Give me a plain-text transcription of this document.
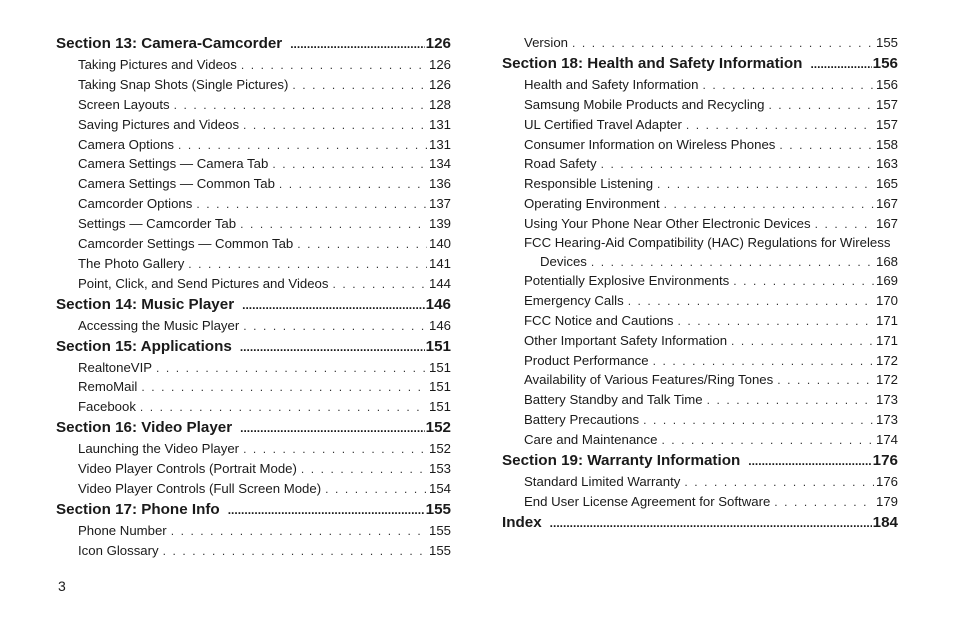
Section 13: Camera-Camcorder .....	126
Taking Pictures and Videos . . .	126
Taking Snap Shots (Single Pictures) . . .	126
Screen Layouts . . .	128
Saving Pictures and Videos . . .	131
Camera Options . . .	131
Camera Settings — Camera Tab . . .	134
Camera Settings — Common Tab . . .	136
Camcorder Options . . .	137
Settings — Camcorder Tab . . .	139
Camcorder Settings — Common Tab . . .	140
The Photo Gallery . . .	141
Point, Click, and Send Pictures and Videos . . .	144
Section 14: Music Player .....	146
Accessing the Music Player . . .	146
Section 15: Applications .....	151
RealtoneVIP . . .	151
RemoMail . . .	151
Facebook . . .	151
Section 16: Video Player .....	152
Launching the Video Player . . .	152
Video Player Controls (Portrait Mode) . . .	153
Video Player Controls (Full Screen Mode) . . .	154
Section 17: Phone Info .....	155
Phone Number . . .	155
Icon Glossary . . .	155
Version . . .	155
Section 18: Health and Safety Information .....	156
Health and Safety Information . . .	156
Samsung Mobile Products and Recycling . . .	157
UL Certified Travel Adapter . . .	157
Consumer Information on Wireless Phones . . .	158
Road Safety . . .	163
Responsible Listening . . .	165
Operating Environment . . .	167
Using Your Phone Near Other Electronic Devices . . .	167
FCC Hearing-Aid Compatibility (HAC) Regulations for Wireless
Devices . . .	168
Potentially Explosive Environments . . .	169
Emergency Calls . . .	170
FCC Notice and Cautions . . .	171
Other Important Safety Information . . .	171
Product Performance . . .	172
Availability of Various Features/Ring Tones . . .	172
Battery Standby and Talk Time . . .	173
Battery Precautions . . .	173
Care and Maintenance . . .	174
Section 19: Warranty Information .....	176
Standard Limited Warranty . . .	176
End User License Agreement for Software . . .	179
Index .....	184
3
